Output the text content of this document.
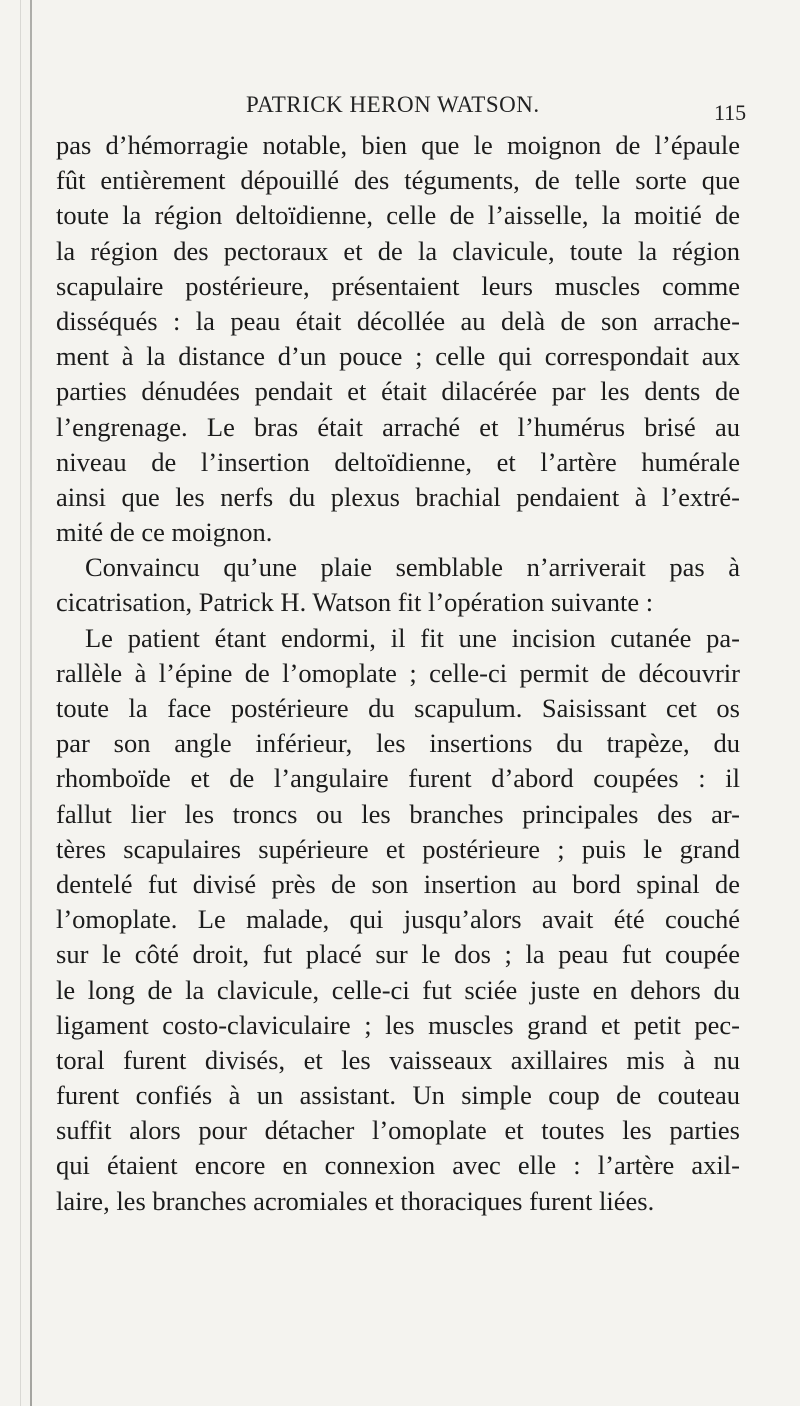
PATRICK HERON WATSON.	115
pas d’hémorragie notable, bien que le moignon de l’épaule
fût entièrement dépouillé des téguments, de telle sorte que
toute la région deltoïdienne, celle de l’aisselle, la moitié de
la région des pectoraux et de la clavicule, toute la région
scapulaire postérieure, présentaient leurs muscles comme
disséqués : la peau était décollée au delà de son arrache-
ment à la distance d’un pouce ; celle qui correspondait aux
parties dénudées pendait et était dilacérée par les dents de
l’engrenage. Le bras était arraché et l’humérus brisé au
niveau de l’insertion deltoïdienne, et l’artère humérale
ainsi que les nerfs du plexus brachial pendaient à l’extré-
mité de ce moignon.
Convaincu qu’une plaie semblable n’arriverait pas à
cicatrisation, Patrick H. Watson fit l’opération suivante :
Le patient étant endormi, il fit une incision cutanée pa-
rallèle à l’épine de l’omoplate ; celle-ci permit de découvrir
toute la face postérieure du scapulum. Saisissant cet os
par son angle inférieur, les insertions du trapèze, du
rhomboïde et de l’angulaire furent d’abord coupées : il
fallut lier les troncs ou les branches principales des ar-
tères scapulaires supérieure et postérieure ; puis le grand
dentelé fut divisé près de son insertion au bord spinal de
l’omoplate. Le malade, qui jusqu’alors avait été couché
sur le côté droit, fut placé sur le dos ; la peau fut coupée
le long de la clavicule, celle-ci fut sciée juste en dehors du
ligament costo-claviculaire ; les muscles grand et petit pec-
toral furent divisés, et les vaisseaux axillaires mis à nu
furent confiés à un assistant. Un simple coup de couteau
suffit alors pour détacher l’omoplate et toutes les parties
qui étaient encore en connexion avec elle : l’artère axil-
laire, les branches acromiales et thoraciques furent liées.
